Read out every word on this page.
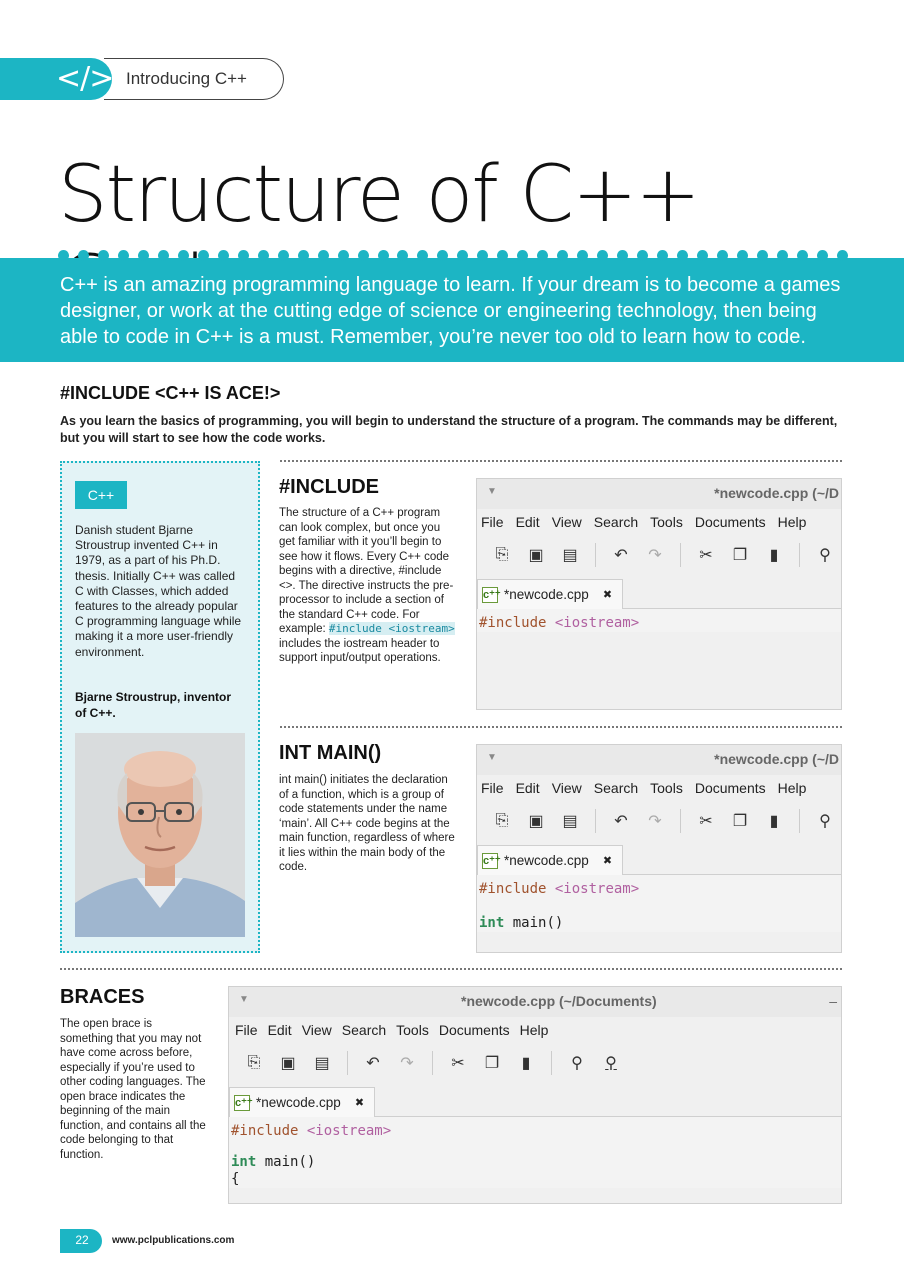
</> Introducing C++
Structure of C++
C++ is an amazing programming language to learn. If your dream is to become a games designer, or work at the cutting edge of science or engineering technology, then being able to code in C++ is a must. Remember, you’re never too old to learn how to code.
#INCLUDE <C++ IS ACE!>
As you learn the basics of programming, you will begin to understand the structure of a program. The commands may be different, but you will start to see how the code works.
C++
Danish student Bjarne Stroustrup invented C++ in 1979, as a part of his Ph.D. thesis. Initially C++ was called C with Classes, which added features to the already popular C programming language while making it a more user-friendly environment.
Bjarne Stroustrup, inventor of C++.
#INCLUDE
The structure of a C++ program can look complex, but once you get familiar with it you’ll begin to see how it flows. Every C++ code begins with a directive, #include <>. The directive instructs the pre-processor to include a section of the standard C++ code. For example: #include <iostream> includes the iostream header to support input/output operations.
▼	*newcode.cpp (~/D
File Edit View Search Tools Documents Help
⎘	▣	▤	↶	↷	✂	❐	▮	⚲
c⁺⁺ *newcode.cpp ✖
#include <iostream>
INT MAIN()
int main() initiates the declaration of a function, which is a group of code statements under the name ‘main’. All C++ code begins at the main function, regardless of where it lies within the main body of the code.
▼	*newcode.cpp (~/D
File Edit View Search Tools Documents Help
⎘	▣	▤	↶	↷	✂	❐	▮	⚲
c⁺⁺ *newcode.cpp ✖
#include <iostream>
int main()
BRACES
The open brace is something that you may not have come across before, especially if you’re used to other coding languages. The open brace indicates the beginning of the main function, and contains all the code belonging to that function.
▼	*newcode.cpp (~/Documents)	–
File Edit View Search Tools Documents Help
⎘	▣	▤	↶	↷	✂	❐	▮	⚲	⚲
c⁺⁺ *newcode.cpp ✖
#include <iostream>
int main()
{
22	www.pclpublications.com
